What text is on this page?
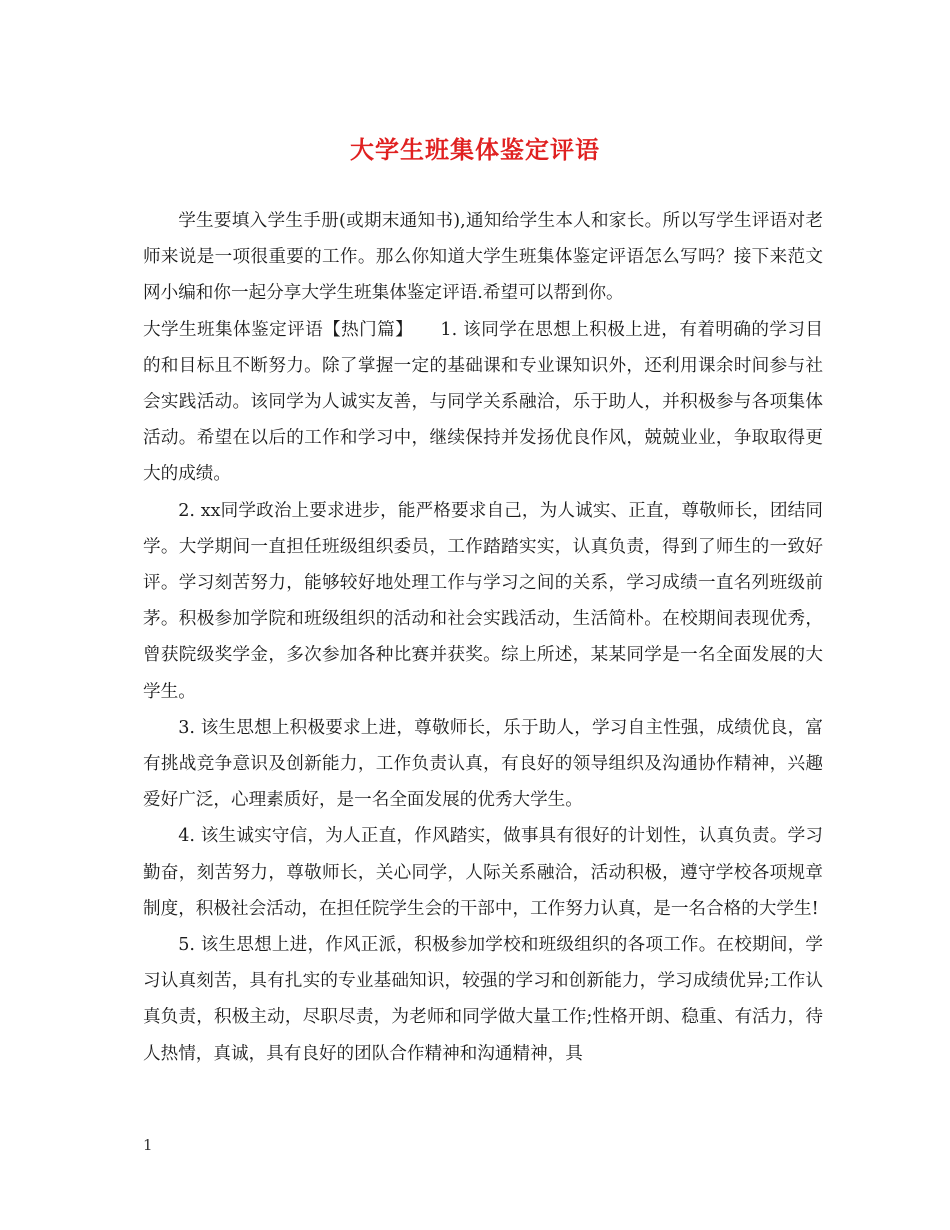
大学生班集体鉴定评语

学生要填入学生手册(或期末通知书),通知给学生本人和家长。所以写学生评语对老师来说是一项很重要的工作。那么你知道大学生班集体鉴定评语怎么写吗？接下来范文网小编和你一起分享大学生班集体鉴定评语.希望可以帮到你。

大学生班集体鉴定评语【热门篇】　　1. 该同学在思想上积极上进，有着明确的学习目的和目标且不断努力。除了掌握一定的基础课和专业课知识外，还利用课余时间参与社会实践活动。该同学为人诚实友善，与同学关系融洽，乐于助人，并积极参与各项集体活动。希望在以后的工作和学习中，继续保持并发扬优良作风，兢兢业业，争取取得更大的成绩。

2. xx同学政治上要求进步，能严格要求自己，为人诚实、正直，尊敬师长，团结同学。大学期间一直担任班级组织委员，工作踏踏实实，认真负责，得到了师生的一致好评。学习刻苦努力，能够较好地处理工作与学习之间的关系，学习成绩一直名列班级前茅。积极参加学院和班级组织的活动和社会实践活动，生活简朴。在校期间表现优秀，曾获院级奖学金，多次参加各种比赛并获奖。综上所述，某某同学是一名全面发展的大学生。

3. 该生思想上积极要求上进，尊敬师长，乐于助人，学习自主性强，成绩优良，富有挑战竞争意识及创新能力，工作负责认真，有良好的领导组织及沟通协作精神，兴趣爱好广泛，心理素质好，是一名全面发展的优秀大学生。

4. 该生诚实守信，为人正直，作风踏实，做事具有很好的计划性，认真负责。学习勤奋，刻苦努力，尊敬师长，关心同学，人际关系融洽，活动积极，遵守学校各项规章制度，积极社会活动，在担任院学生会的干部中，工作努力认真，是一名合格的大学生!

5. 该生思想上进，作风正派，积极参加学校和班级组织的各项工作。在校期间，学习认真刻苦，具有扎实的专业基础知识，较强的学习和创新能力，学习成绩优异;工作认真负责，积极主动，尽职尽责，为老师和同学做大量工作;性格开朗、稳重、有活力，待人热情，真诚，具有良好的团队合作精神和沟通精神，具

1
